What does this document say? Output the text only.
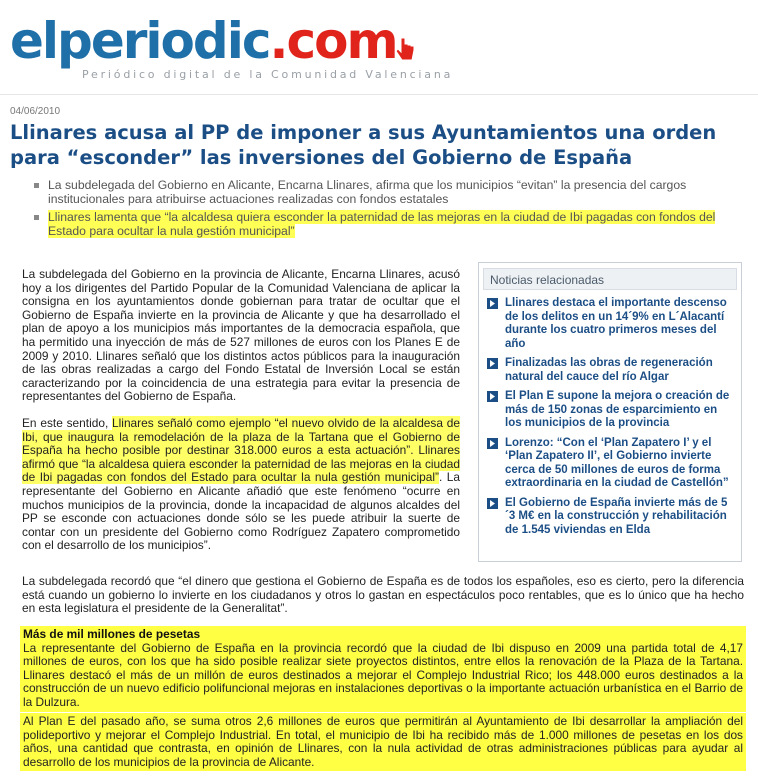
elperiodic.com
Periódico digital de la Comunidad Valenciana
04/06/2010
Llinares acusa al PP de imponer a sus Ayuntamientos una orden para “esconder” las inversiones del Gobierno de España
La subdelegada del Gobierno en Alicante, Encarna Llinares, afirma que los municipios “evitan” la presencia del cargos institucionales para atribuirse actuaciones realizadas con fondos estatales
Llinares lamenta que “la alcaldesa quiera esconder la paternidad de las mejoras en la ciudad de Ibi pagadas con fondos del Estado para ocultar la nula gestión municipal”

La subdelegada del Gobierno en la provincia de Alicante, Encarna Llinares, acusó hoy a los dirigentes del Partido Popular de la Comunidad Valenciana de aplicar la consigna en los ayuntamientos donde gobiernan para tratar de ocultar que el Gobierno de España invierte en la provincia de Alicante y que ha desarrollado el plan de apoyo a los municipios más importantes de la democracia española, que ha permitido una inyección de más de 527 millones de euros con los Planes E de 2009 y 2010. Llinares señaló que los distintos actos públicos para la inauguración de las obras realizadas a cargo del Fondo Estatal de Inversión Local se están caracterizando por la coincidencia de una estrategia para evitar la presencia de representantes del Gobierno de España.

En este sentido, Llinares señaló como ejemplo “el nuevo olvido de la alcaldesa de Ibi, que inaugura la remodelación de la plaza de la Tartana que el Gobierno de España ha hecho posible por destinar 318.000 euros a esta actuación”. Llinares afirmó que “la alcaldesa quiera esconder la paternidad de las mejoras en la ciudad de Ibi pagadas con fondos del Estado para ocultar la nula gestión municipal”. La representante del Gobierno en Alicante añadió que este fenómeno “ocurre en muchos municipios de la provincia, donde la incapacidad de algunos alcaldes del PP se esconde con actuaciones donde sólo se les puede atribuir la suerte de contar con un presidente del Gobierno como Rodríguez Zapatero comprometido con el desarrollo de los municipios”.

Noticias relacionadas
Llinares destaca el importante descenso de los delitos en un 14´9% en L´Alacantí durante los cuatro primeros meses del año
Finalizadas las obras de regeneración natural del cauce del río Algar
El Plan E supone la mejora o creación de más de 150 zonas de esparcimiento en los municipios de la provincia
Lorenzo: “Con el ‘Plan Zapatero I’ y el ‘Plan Zapatero II’, el Gobierno invierte cerca de 50 millones de euros de forma extraordinaria en la ciudad de Castellón”
El Gobierno de España invierte más de 5´3 M€ en la construcción y rehabilitación de 1.545 viviendas en Elda

La subdelegada recordó que “el dinero que gestiona el Gobierno de España es de todos los españoles, eso es cierto, pero la diferencia está cuando un gobierno lo invierte en los ciudadanos y otros lo gastan en espectáculos poco rentables, que es lo único que ha hecho en esta legislatura el presidente de la Generalitat”.

Más de mil millones de pesetas

La representante del Gobierno de España en la provincia recordó que la ciudad de Ibi dispuso en 2009 una partida total de 4,17 millones de euros, con los que ha sido posible realizar siete proyectos distintos, entre ellos la renovación de la Plaza de la Tartana. Llinares destacó el más de un millón de euros destinados a mejorar el Complejo Industrial Rico; los 448.000 euros destinados a la construcción de un nuevo edificio polifuncional mejoras en instalaciones deportivas o la importante actuación urbanística en el Barrio de la Dulzura.

Al Plan E del pasado año, se suma otros 2,6 millones de euros que permitirán al Ayuntamiento de Ibi desarrollar la ampliación del polideportivo y mejorar el Complejo Industrial. En total, el municipio de Ibi ha recibido más de 1.000 millones de pesetas en los dos años, una cantidad que contrasta, en opinión de Llinares, con la nula actividad de otras administraciones públicas para ayudar al desarrollo de los municipios de la provincia de Alicante.
